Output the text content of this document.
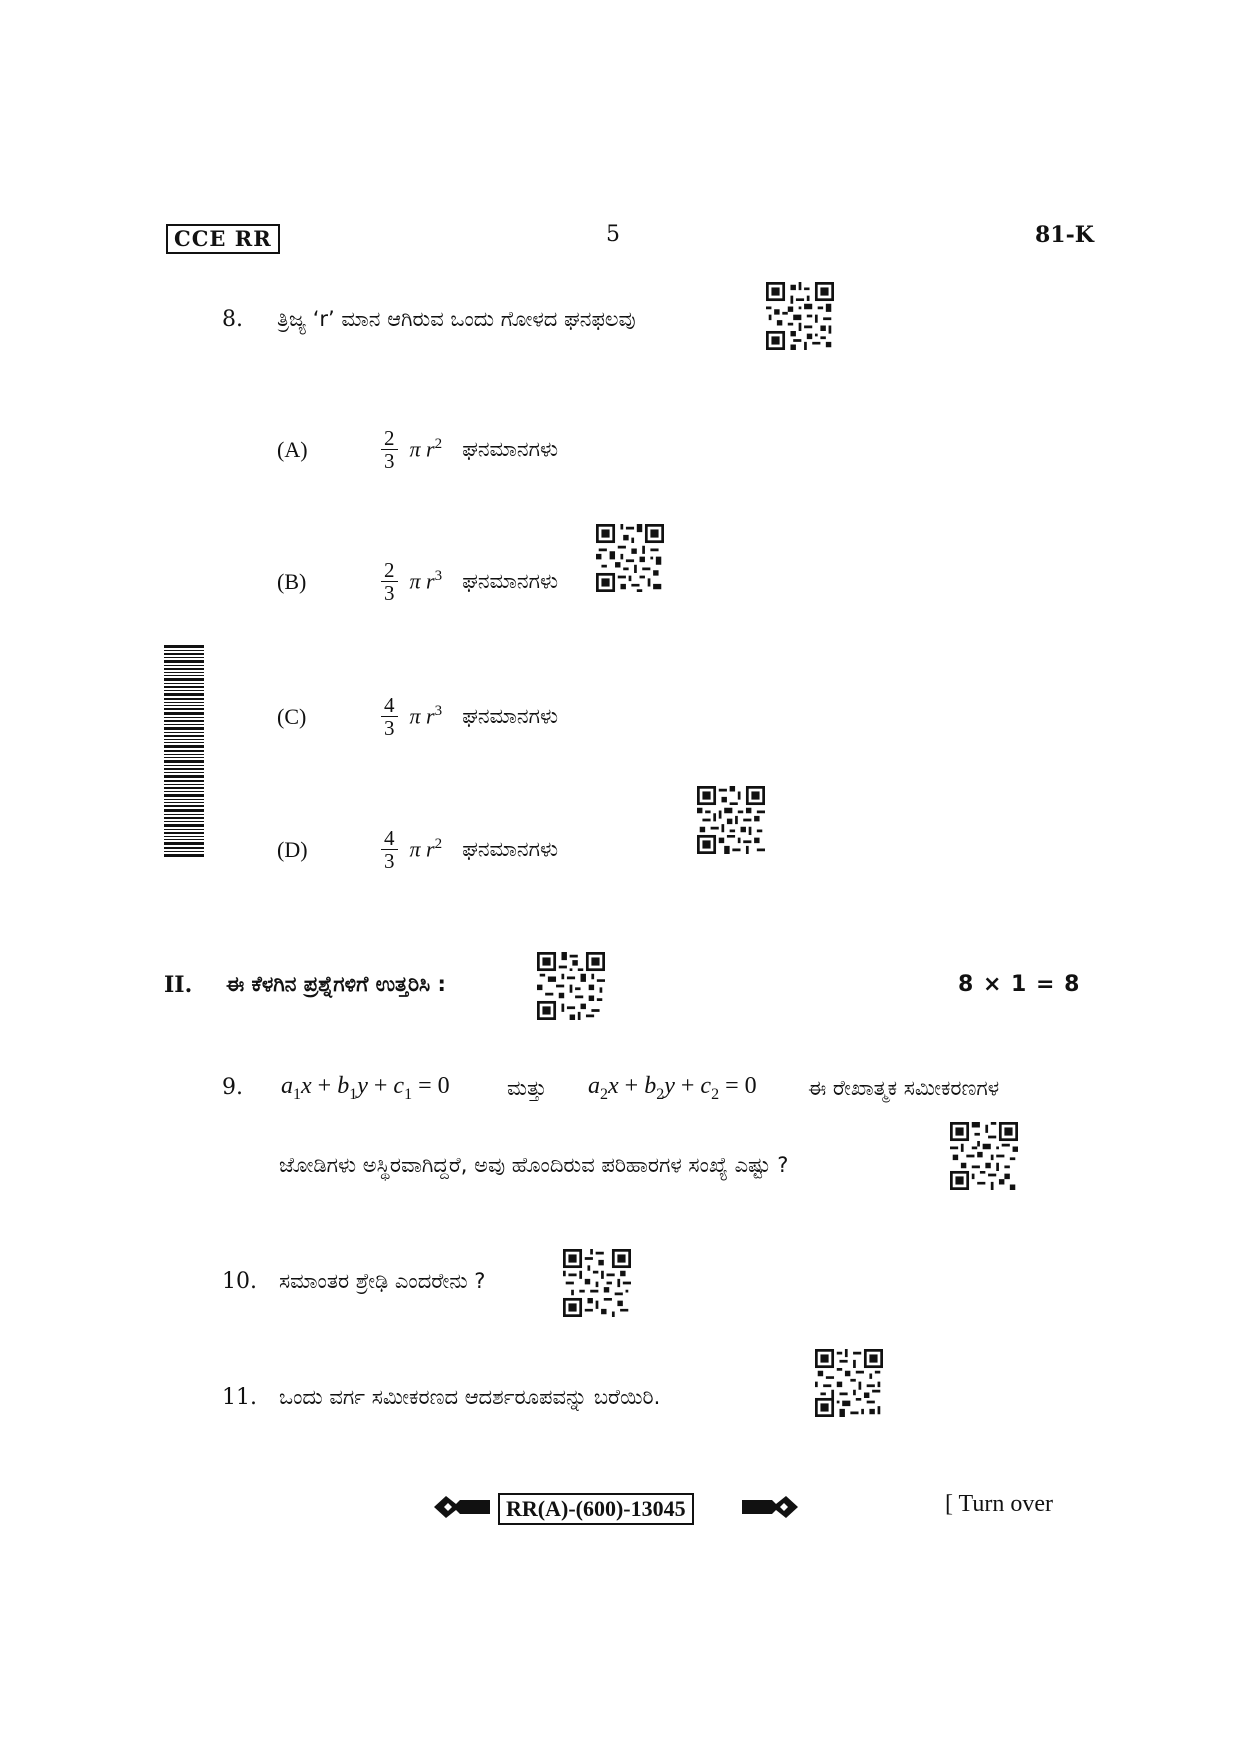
CCE RR	5	81-K
8. ತ್ರಿಜ್ಯ ‘r’ ಮಾನ ಆಗಿರುವ ಒಂದು ಗೋಳದ ಘನಫಲವು
(A)	$\frac{2}{3}$ π $r^2$ ಘನಮಾನಗಳು
(B)	$\frac{2}{3}$ π $r^3$ ಘನಮಾನಗಳು
(C)	$\frac{4}{3}$ π $r^3$ ಘನಮಾನಗಳು
(D)	$\frac{4}{3}$ π $r^2$ ಘನಮಾನಗಳು
II. ಈ ಕೆಳಗಿನ ಪ್ರಶ್ನೆಗಳಿಗೆ ಉತ್ತರಿಸಿ :	8 × 1 = 8
9. $a_1x + b_1y + c_1 = 0$	ಮತ್ತು $a_2x + b_2y + c_2 = 0$ ಈ ರೇಖಾತ್ಮಕ ಸಮೀಕರಣಗಳ
ಜೋಡಿಗಳು ಅಸ್ಥಿರವಾಗಿದ್ದರೆ, ಅವು ಹೊಂದಿರುವ ಪರಿಹಾರಗಳ ಸಂಖ್ಯೆ ಎಷ್ಟು ?
10. ಸಮಾಂತರ ಶ್ರೇಢಿ ಎಂದರೇನು ?
11. ಒಂದು ವರ್ಗ ಸಮೀಕರಣದ ಆದರ್ಶರೂಪವನ್ನು ಬರೆಯಿರಿ.
RR(A)-(600)-13045	[ Turn over
